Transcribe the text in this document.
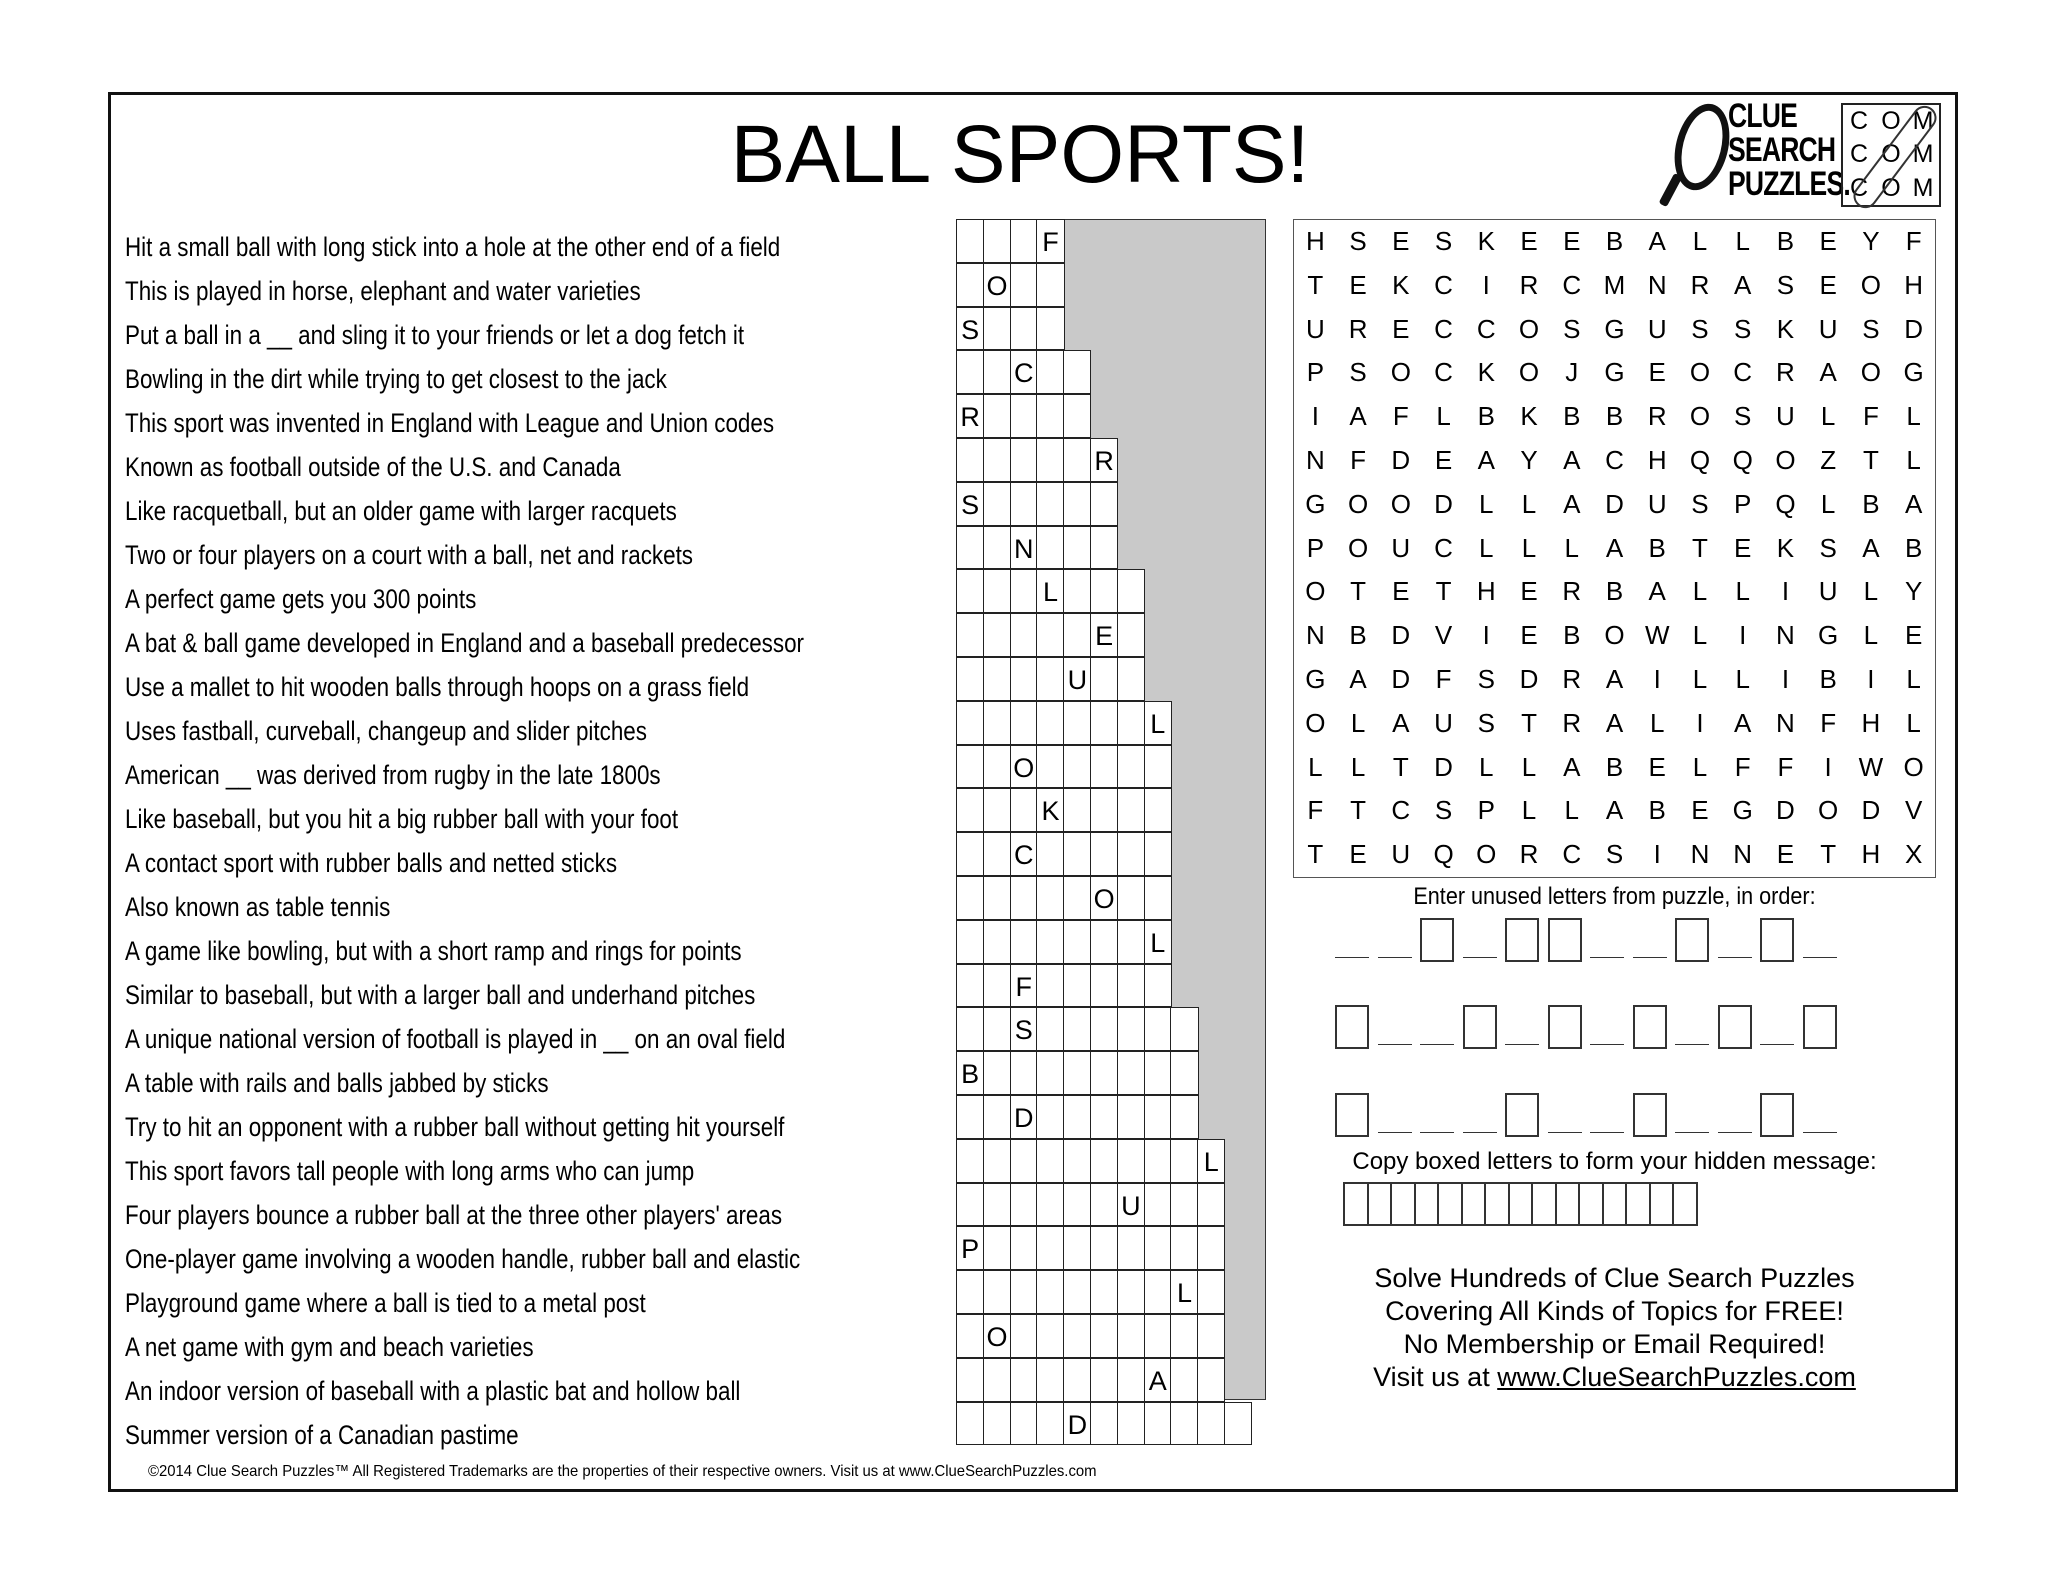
BALL SPORTS!	CLUE
SEARCH
PUZZLES.
C O M
C O M
C O M
Hit a small ball with long stick into a hole at the other end of a field
This is played in horse, elephant and water varieties
Put a ball in a __ and sling it to your friends or let a dog fetch it
Bowling in the dirt while trying to get closest to the jack
This sport was invented in England with League and Union codes
Known as football outside of the U.S. and Canada
Like racquetball, but an older game with larger racquets
Two or four players on a court with a ball, net and rackets
A perfect game gets you 300 points
A bat & ball game developed in England and a baseball predecessor
Use a mallet to hit wooden balls through hoops on a grass field
Uses fastball, curveball, changeup and slider pitches
American __ was derived from rugby in the late 1800s
Like baseball, but you hit a big rubber ball with your foot
A contact sport with rubber balls and netted sticks
Also known as table tennis
A game like bowling, but with a short ramp and rings for points
Similar to baseball, but with a larger ball and underhand pitches
A unique national version of football is played in __ on an oval field
A table with rails and balls jabbed by sticks
Try to hit an opponent with a rubber ball without getting hit yourself
This sport favors tall people with long arms who can jump
Four players bounce a rubber ball at the three other players' areas
One-player game involving a wooden handle, rubber ball and elastic
Playground game where a ball is tied to a metal post
A net game with gym and beach varieties
An indoor version of baseball with a plastic bat and hollow ball
Summer version of a Canadian pastime
F
O
S
C
R
R
S
N
L
E
U
L
O
K
C
O
L
F
S
B
D
L
U
P
L
O
A
D
H S E S K E E B A	L	L	B E Y	F
T	E K C	I	R C M N R A S E O H
U R E C C O S G U S S K U S D
P S O C K O	J	G E O C R A O G
I	A	F	L	B K B B R O S U	L	F	L
N F D E A Y A C H Q Q O Z	T	L
G O O D	L	L	A D U S P Q L	B A
P O U C	L	L	L	A B	T	E K S A B
O T	E	T H E R B A	L	L	I	U	L	Y
N B D V	I	E B O W L	I	N G L	E
G A D F	S D R A	I	L	L	I	B	I	L
O L	A U S	T R A	L	I	A N F H	L
L	L	T D	L	L	A B E	L	F	F	I	W O
F	T C S P	L	L	A B E G D O D V
T	E U Q O R C S	I	N N E	T H X
Enter unused letters from puzzle, in order:
Copy boxed letters to form your hidden message:
Solve Hundreds of Clue Search Puzzles
Covering All Kinds of Topics for FREE!
No Membership or Email Required!
Visit us at www.ClueSearchPuzzles.com
©2014 Clue Search Puzzles™ All Registered Trademarks are the properties of their respective owners. Visit us at www.ClueSearchPuzzles.com
